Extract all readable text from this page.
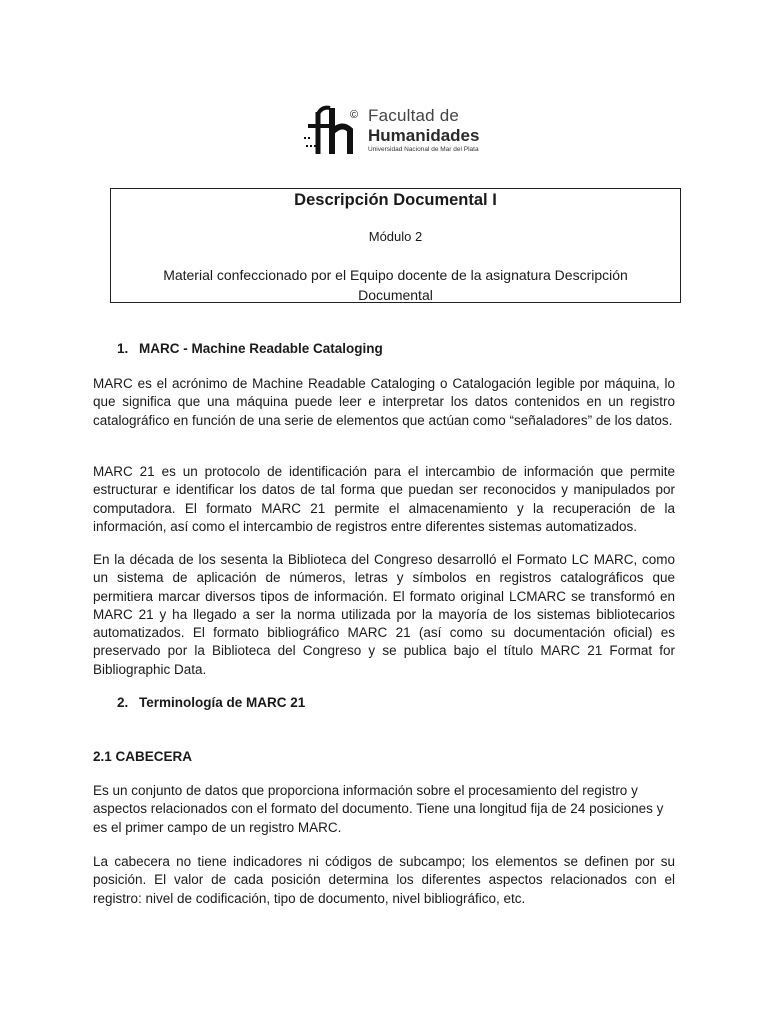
© Facultad de
Humanidades
Universidad Nacional de Mar del Plata
Descripción Documental I
Módulo 2
Material confeccionado por el Equipo docente de la asignatura Descripción Documental
1. MARC - Machine Readable Cataloging

MARC es el acrónimo de Machine Readable Cataloging o Catalogación legible por máquina, lo que significa que una máquina puede leer e interpretar los datos contenidos en un registro catalográfico en función de una serie de elementos que actúan como “señaladores” de los datos.

MARC 21 es un protocolo de identificación para el intercambio de información que permite estructurar e identificar los datos de tal forma que puedan ser reconocidos y manipulados por computadora. El formato MARC 21 permite el almacenamiento y la recuperación de la información, así como el intercambio de registros entre diferentes sistemas automatizados.

En la década de los sesenta la Biblioteca del Congreso desarrolló el Formato LC MARC, como un sistema de aplicación de números, letras y símbolos en registros catalográficos que permitiera marcar diversos tipos de información. El formato original LCMARC se transformó en MARC 21 y ha llegado a ser la norma utilizada por la mayoría de los sistemas bibliotecarios automatizados. El formato bibliográfico MARC 21 (así como su documentación oficial) es preservado por la Biblioteca del Congreso y se publica bajo el título MARC 21 Format for Bibliographic Data.

2. Terminología de MARC 21
2.1 CABECERA

Es un conjunto de datos que proporciona información sobre el procesamiento del registro y aspectos relacionados con el formato del documento. Tiene una longitud fija de 24 posiciones y es el primer campo de un registro MARC.

La cabecera no tiene indicadores ni códigos de subcampo; los elementos se definen por su posición. El valor de cada posición determina los diferentes aspectos relacionados con el registro: nivel de codificación, tipo de documento, nivel bibliográfico, etc.
